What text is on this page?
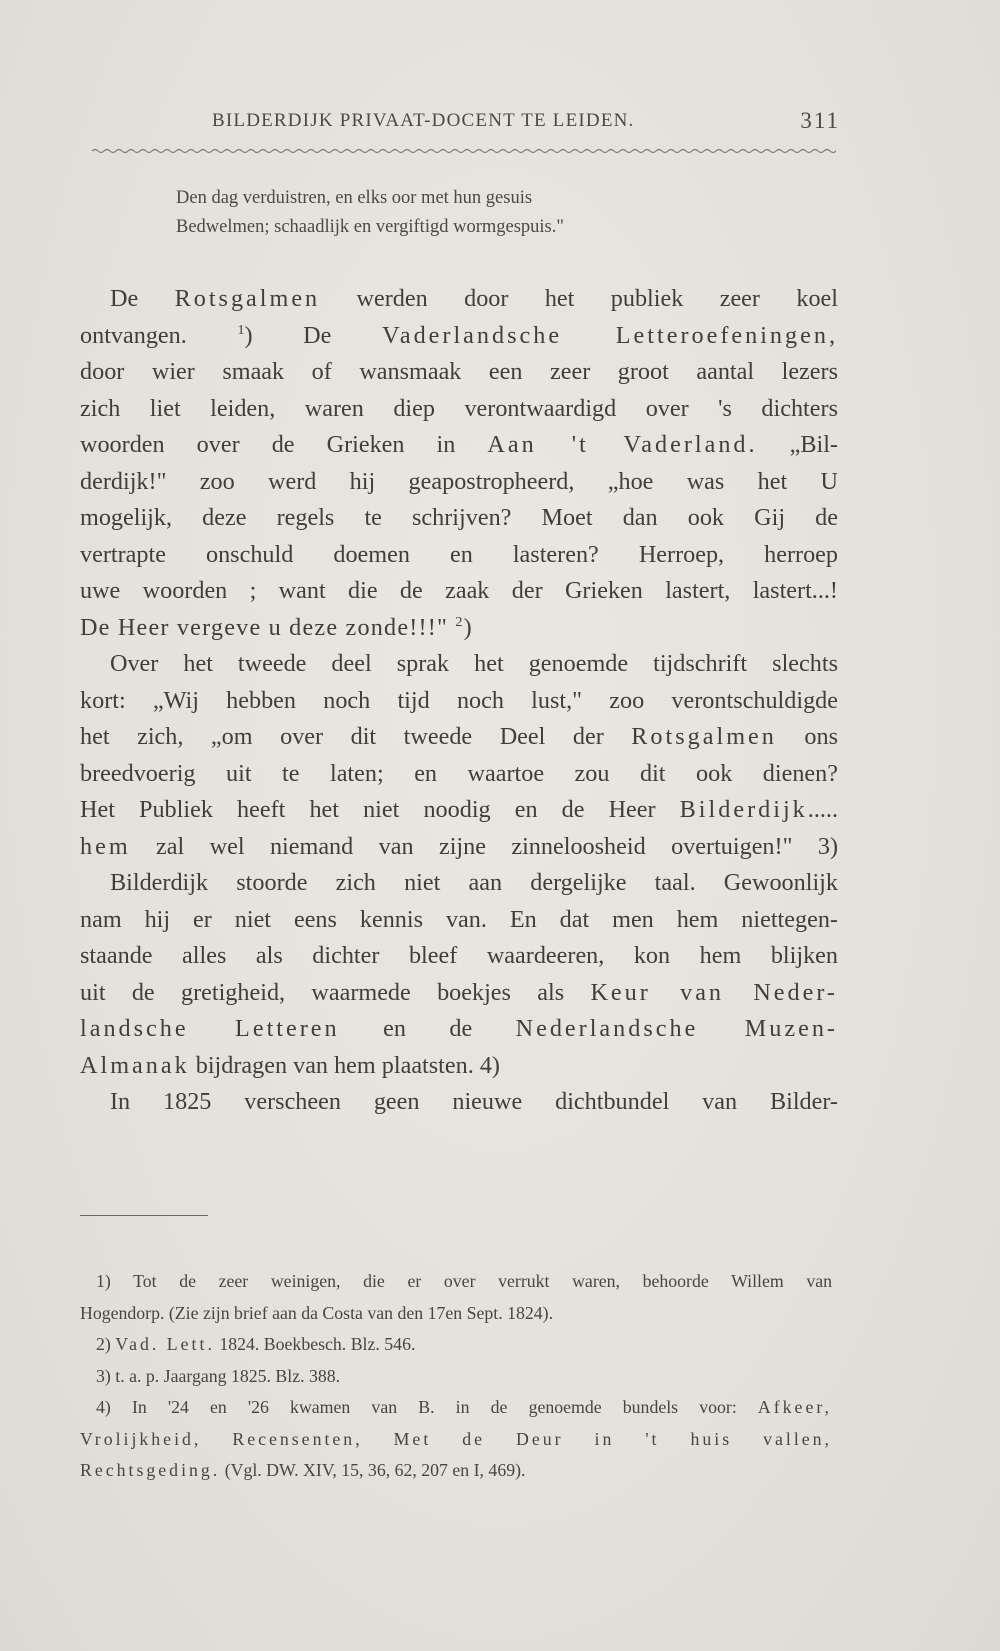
BILDERDIJK PRIVAAT-DOCENT TE LEIDEN.	311
Den dag verduistren, en elks oor met hun gesuis
Bedwelmen; schaadlijk en vergiftigd wormgespuis."
De Rotsgalmen werden door het publiek zeer koel
ontvangen. $^1$) De Vaderlandsche Letteroefeningen,
door wier smaak of wansmaak een zeer groot aantal lezers
zich liet leiden, waren diep verontwaardigd over 's dichters
woorden over de Grieken in Aan 't Vaderland. „Bil-
derdijk!" zoo werd hij geapostropheerd, „hoe was het U
mogelijk, deze regels te schrijven? Moet dan ook Gij de
vertrapte onschuld doemen en lasteren? Herroep, herroep
uwe woorden ; want die de zaak der Grieken lastert, lastert...!
De Heer vergeve u deze zonde!!!" $^2$)
Over het tweede deel sprak het genoemde tijdschrift slechts
kort: „Wij hebben noch tijd noch lust," zoo verontschuldigde
het zich, „om over dit tweede Deel der Rotsgalmen ons
breedvoerig uit te laten; en waartoe zou dit ook dienen?
Het Publiek heeft het niet noodig en de Heer Bilderdijk.....
hem zal wel niemand van zijne zinneloosheid overtuigen!" 3)
Bilderdijk stoorde zich niet aan dergelijke taal. Gewoonlijk
nam hij er niet eens kennis van. En dat men hem niettegen-
staande alles als dichter bleef waardeeren, kon hem blijken
uit de gretigheid, waarmede boekjes als Keur van Neder-
landsche Letteren en de Nederlandsche Muzen-
Almanak bijdragen van hem plaatsten. 4)
In 1825 verscheen geen nieuwe dichtbundel van Bilder-
1) Tot de zeer weinigen, die er over verrukt waren, behoorde Willem van
Hogendorp. (Zie zijn brief aan da Costa van den 17en Sept. 1824).
2) Vad. Lett. 1824. Boekbesch. Blz. 546.
3) t. a. p. Jaargang 1825. Blz. 388.
4) In '24 en '26 kwamen van B. in de genoemde bundels voor: Afkeer,
Vrolijkheid, Recensenten, Met de Deur in 't huis vallen,
Rechtsgeding. (Vgl. DW. XIV, 15, 36, 62, 207 en I, 469).
